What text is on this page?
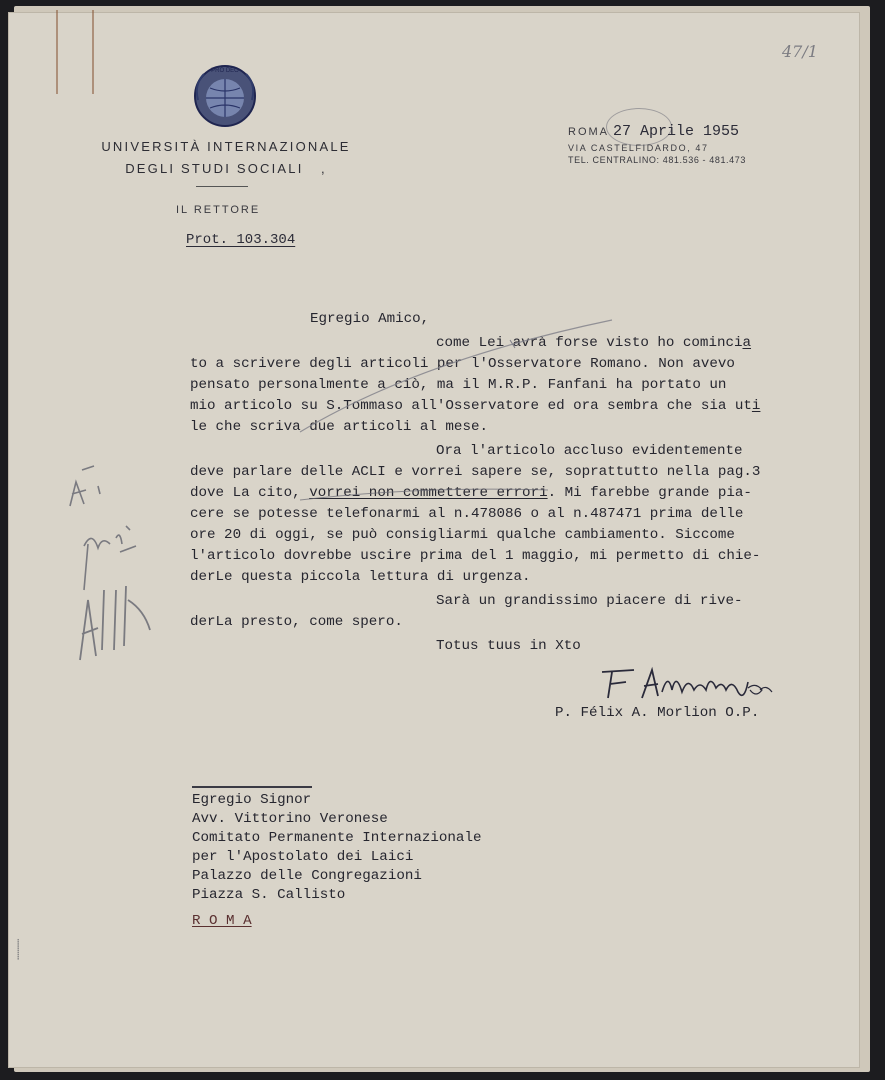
47/1
PRO DEO
UNIVERSITÀ INTERNAZIONALE
DEGLI STUDI SOCIALI ,
IL RETTORE
Prot. 103.304
ROMA 27 Aprile 1955
VIA CASTELFIDARDO, 47
TEL. CENTRALINO: 481.536 - 481.473
Egregio Amico,
come Lei avrà forse visto ho comincia
to a scrivere degli articoli per l'Osservatore Romano. Non avevo
pensato personalmente a ciò, ma il M.R.P. Fanfani ha portato un
mio articolo su S.Tommaso all'Osservatore ed ora sembra che sia uti
le che scriva due articoli al mese.
Ora l'articolo accluso evidentemente
deve parlare delle ACLI e vorrei sapere se, soprattutto nella pag.3
dove La cito, vorrei non commettere errori. Mi farebbe grande pia-
cere se potesse telefonarmi al n.478086 o al n.487471 prima delle
ore 20 di oggi, se può consigliarmi qualche cambiamento. Siccome
l'articolo dovrebbe uscire prima del 1 maggio, mi permetto di chie-
derLe questa piccola lettura di urgenza.
Sarà un grandissimo piacere di rive-
derLa presto, come spero.
Totus tuus in Xto
P. Félix A. Morlion O.P.
Egregio Signor
Avv. Vittorino Veronese
Comitato Permanente Internazionale
per l'Apostolato dei Laici
Palazzo delle Congregazioni
Piazza S. Callisto
R O M A
▪▪▪▪▪▪▪▪▪▪
